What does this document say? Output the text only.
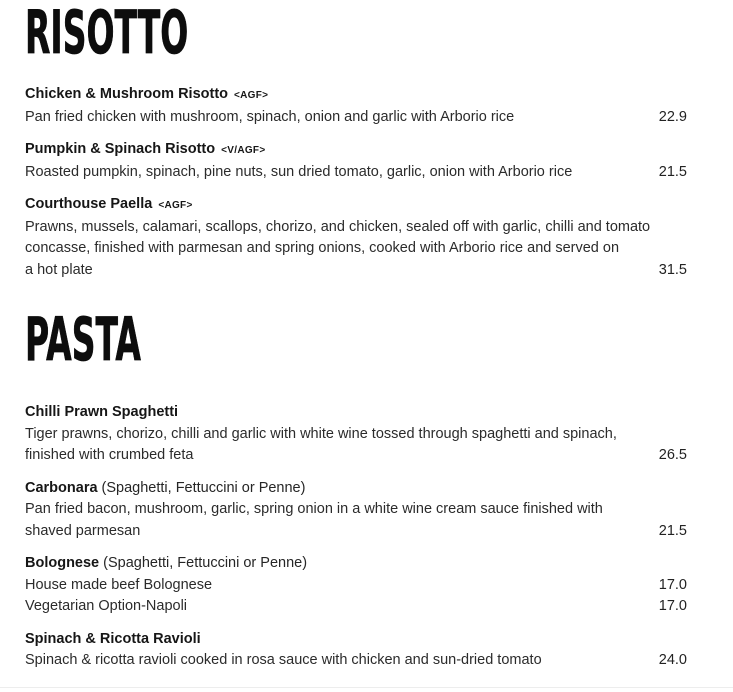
RISOTTO
Chicken & Mushroom Risotto <AGF>
Pan fried chicken with mushroom, spinach, onion and garlic with Arborio rice	22.9
Pumpkin & Spinach Risotto <V/AGF>
Roasted pumpkin, spinach, pine nuts, sun dried tomato, garlic, onion with Arborio rice	21.5
Courthouse Paella <AGF>
Prawns, mussels, calamari, scallops, chorizo, and chicken, sealed off with garlic, chilli and tomato
concasse, finished with parmesan and spring onions, cooked with Arborio rice and served on
a hot plate	31.5
PASTA
Chilli Prawn Spaghetti
Tiger prawns, chorizo, chilli and garlic with white wine tossed through spaghetti and spinach,
finished with crumbed feta	26.5
Carbonara (Spaghetti, Fettuccini or Penne)
Pan fried bacon, mushroom, garlic, spring onion in a white wine cream sauce finished with
shaved parmesan	21.5
Bolognese (Spaghetti, Fettuccini or Penne)
House made beef Bolognese	17.0
Vegetarian Option-Napoli	17.0
Spinach & Ricotta Ravioli
Spinach & ricotta ravioli cooked in rosa sauce with chicken and sun-dried tomato	24.0
